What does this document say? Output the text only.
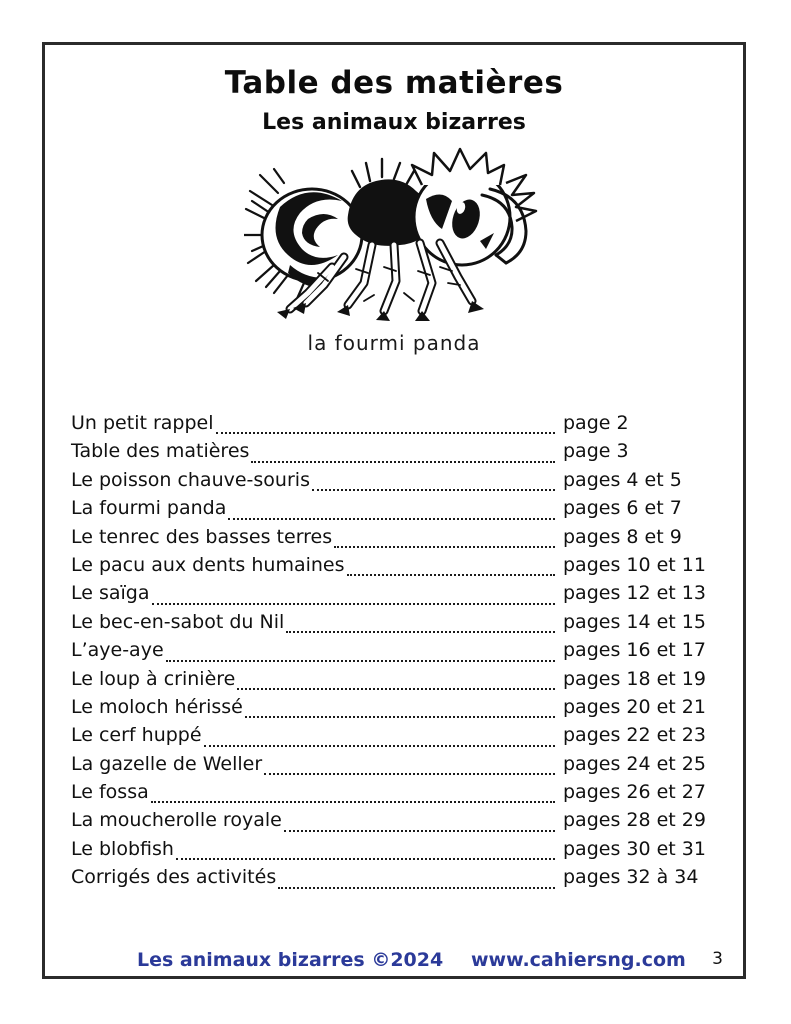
Table des matières
Les animaux bizarres
la fourmi panda
Un petit rappel	page 2
Table des matières	page 3
Le poisson chauve-souris	pages 4 et 5
La fourmi panda	pages 6 et 7
Le tenrec des basses terres	pages 8 et 9
Le pacu aux dents humaines	pages 10 et 11
Le saïga	pages 12 et 13
Le bec-en-sabot du Nil	pages 14 et 15
L’aye-aye	pages 16 et 17
Le loup à crinière	pages 18 et 19
Le moloch hérissé	pages 20 et 21
Le cerf huppé	pages 22 et 23
La gazelle de Weller	pages 24 et 25
Le fossa	pages 26 et 27
La moucherolle royale	pages 28 et 29
Le blobfish	pages 30 et 31
Corrigés des activités	pages 32 à 34
Les animaux bizarres ©2024 www.cahiersng.com 3
